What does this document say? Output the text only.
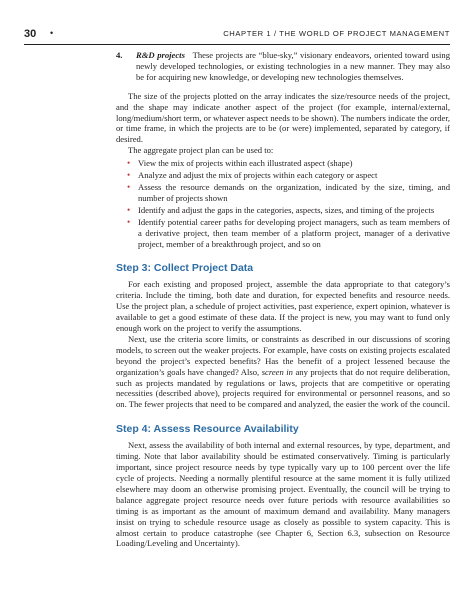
30 •	CHAPTER 1 / THE WORLD OF PROJECT MANAGEMENT

4. R&D projects These projects are “blue-sky,” visionary endeavors, oriented toward using newly developed technologies, or existing technologies in a new manner. They may also be for acquiring new knowledge, or developing new technologies themselves.

The size of the projects plotted on the array indicates the size/resource needs of the project, and the shape may indicate another aspect of the project (for example, internal/external, long/medium/short term, or whatever aspect needs to be shown). The numbers indicate the order, or time frame, in which the projects are to be (or were) implemented, separated by category, if desired.

The aggregate project plan can be used to:

• View the mix of projects within each illustrated aspect (shape)
• Analyze and adjust the mix of projects within each category or aspect
• Assess the resource demands on the organization, indicated by the size, timing, and number of projects shown
• Identify and adjust the gaps in the categories, aspects, sizes, and timing of the projects
• Identify potential career paths for developing project managers, such as team members of a derivative project, then team member of a platform project, manager of a derivative project, member of a breakthrough project, and so on
Step 3: Collect Project Data

For each existing and proposed project, assemble the data appropriate to that category’s criteria. Include the timing, both date and duration, for expected benefits and resource needs. Use the project plan, a schedule of project activities, past experience, expert opinion, whatever is available to get a good estimate of these data. If the project is new, you may want to fund only enough work on the project to verify the assumptions.

Next, use the criteria score limits, or constraints as described in our discussions of scoring models, to screen out the weaker projects. For example, have costs on existing projects escalated beyond the project’s expected benefits? Has the benefit of a project lessened because the organization’s goals have changed? Also, screen in any projects that do not require deliberation, such as projects mandated by regulations or laws, projects that are competitive or operating necessities (described above), projects required for environmental or personnel reasons, and so on. The fewer projects that need to be compared and analyzed, the easier the work of the council.

Step 4: Assess Resource Availability

Next, assess the availability of both internal and external resources, by type, department, and timing. Note that labor availability should be estimated conservatively. Timing is particularly important, since project resource needs by type typically vary up to 100 percent over the life cycle of projects. Needing a normally plentiful resource at the same moment it is fully utilized elsewhere may doom an otherwise promising project. Eventually, the council will be trying to balance aggregate project resource needs over future periods with resource availabilities so timing is as important as the amount of maximum demand and availability. Many managers insist on trying to schedule resource usage as closely as possible to system capacity. This is almost certain to produce catastrophe (see Chapter 6, Section 6.3, subsection on Resource Loading/Leveling and Uncertainty).
